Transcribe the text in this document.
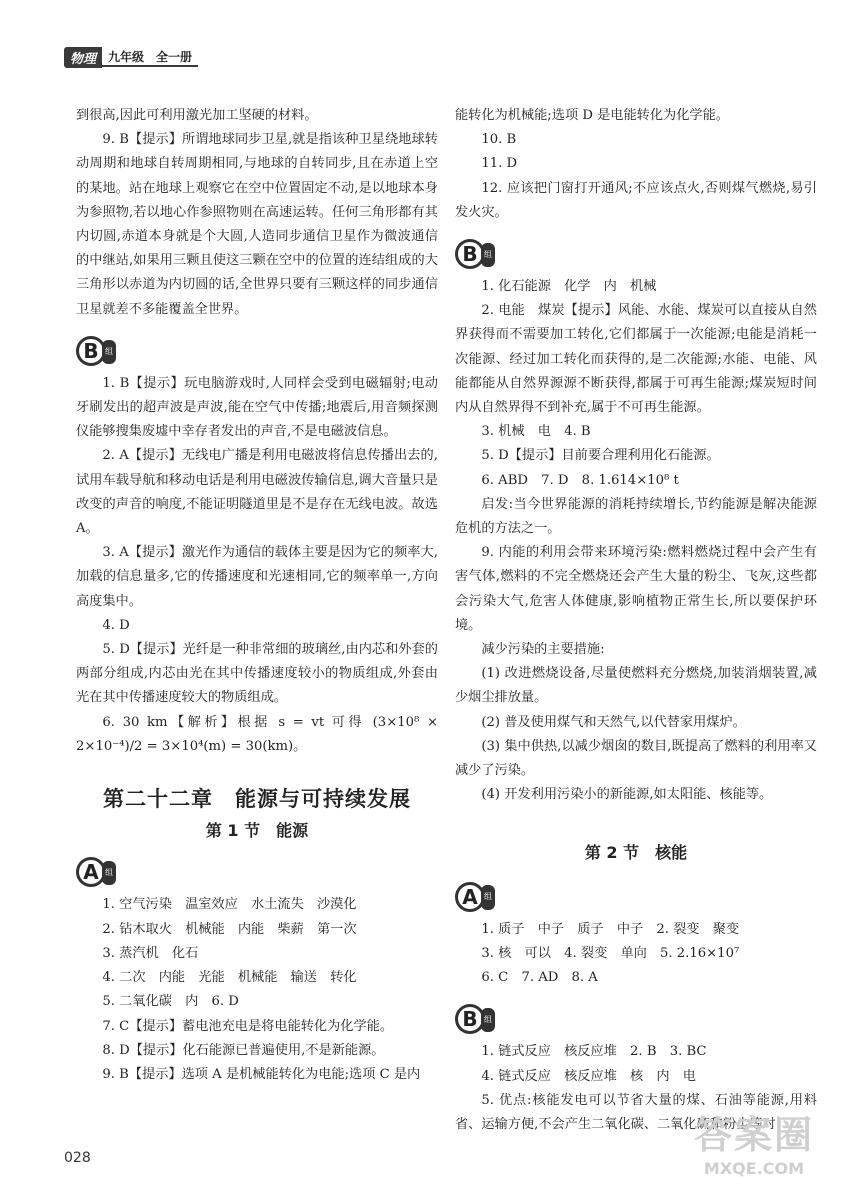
物理	九年级　全一册

到很高,因此可利用激光加工坚硬的材料。

9. B【提示】所谓地球同步卫星,就是指该种卫星绕地球转动周期和地球自转周期相同,与地球的自转同步,且在赤道上空的某地。站在地球上观察它在空中位置固定不动,是以地球本身为参照物,若以地心作参照物则在高速运转。任何三角形都有其内切圆,赤道本身就是个大圆,人造同步通信卫星作为微波通信的中继站,如果用三颗且使这三颗在空中的位置的连结组成的大三角形以赤道为内切圆的话,全世界只要有三颗这样的同步通信卫星就差不多能覆盖全世界。

B 组

1. B【提示】玩电脑游戏时,人同样会受到电磁辐射;电动牙刷发出的超声波是声波,能在空气中传播;地震后,用音频探测仪能够搜集废墟中幸存者发出的声音,不是电磁波信息。

2. A【提示】无线电广播是利用电磁波将信息传播出去的,试用车载导航和移动电话是利用电磁波传输信息,调大音量只是改变的声音的响度,不能证明隧道里是不是存在无线电波。故选A。

3. A【提示】激光作为通信的载体主要是因为它的频率大,加载的信息量多,它的传播速度和光速相同,它的频率单一,方向高度集中。

4. D

5. D【提示】光纤是一种非常细的玻璃丝,由内芯和外套的两部分组成,内芯由光在其中传播速度较小的物质组成,外套由光在其中传播速度较大的物质组成。

6. 30 km【解析】根据 s = vt 可得 (3×10⁸ × 2×10⁻⁴)/2 = 3×10⁴(m) = 30(km)。

第二十二章　能源与可持续发展
第 1 节　能源
A 组

1. 空气污染　温室效应　水土流失　沙漠化

2. 钻木取火　机械能　内能　柴薪　第一次

3. 蒸汽机　化石

4. 二次　内能　光能　机械能　输送　转化

5. 二氧化碳　内　6. D

7. C【提示】蓄电池充电是将电能转化为化学能。

8. D【提示】化石能源已普遍使用,不是新能源。

9. B【提示】选项 A 是机械能转化为电能;选项 C 是内

能转化为机械能;选项 D 是电能转化为化学能。

10. B

11. D

12. 应该把门窗打开通风;不应该点火,否则煤气燃烧,易引发火灾。

B 组

1. 化石能源　化学　内　机械

2. 电能　煤炭【提示】风能、水能、煤炭可以直接从自然界获得而不需要加工转化,它们都属于一次能源;电能是消耗一次能源、经过加工转化而获得的,是二次能源;水能、电能、风能都能从自然界源源不断获得,都属于可再生能源;煤炭短时间内从自然界得不到补充,属于不可再生能源。

3. 机械　电　4. B

5. D【提示】目前要合理利用化石能源。

6. ABD　7. D　8. 1.614×10⁸ t

启发:当今世界能源的消耗持续增长,节约能源是解决能源危机的方法之一。

9. 内能的利用会带来环境污染:燃料燃烧过程中会产生有害气体,燃料的不完全燃烧还会产生大量的粉尘、飞灰,这些都会污染大气,危害人体健康,影响植物正常生长,所以要保护环境。

减少污染的主要措施:

(1) 改进燃烧设备,尽量使燃料充分燃烧,加装消烟装置,减少烟尘排放量。

(2) 普及使用煤气和天然气,以代替家用煤炉。

(3) 集中供热,以减少烟囱的数目,既提高了燃料的利用率又减少了污染。

(4) 开发利用污染小的新能源,如太阳能、核能等。

第 2 节　核能
A 组

1. 质子　中子　质子　中子　2. 裂变　聚变

3. 核　可以　4. 裂变　单向　5. 2.16×10⁷

6. C　7. AD　8. A

B 组

1. 链式反应　核反应堆　2. B　3. BC

4. 链式反应　核反应堆　核　内　电

5. 优点:核能发电可以节省大量的煤、石油等能源,用料省、运输方便,不会产生二氧化碳、二氧化硫和粉尘等对

028
答案圈
MXQE.COM
